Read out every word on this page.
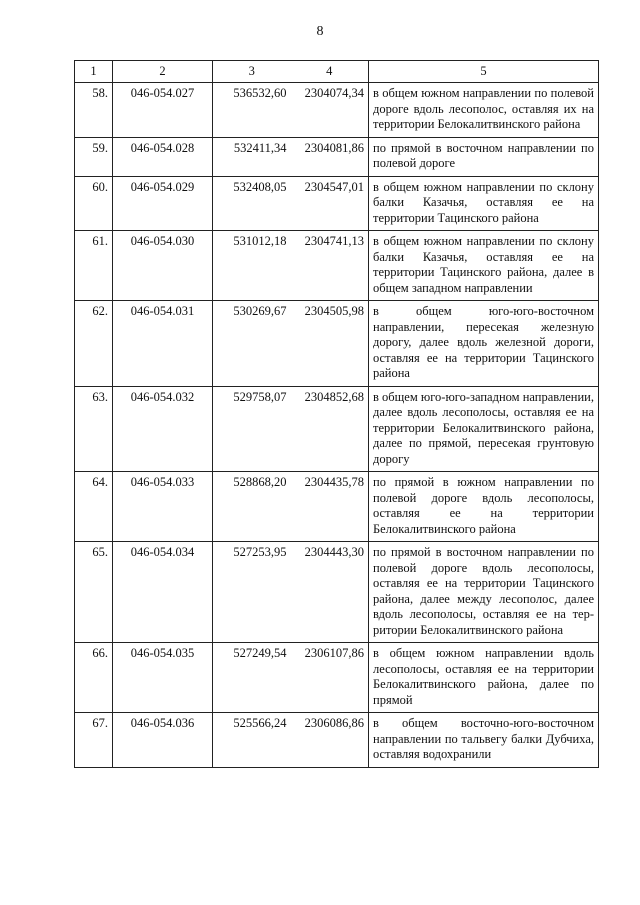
8
1	2	3	4	5
58.	046-054.027	536532,60	2304074,34	в общем южном направлении по полевой дороге вдоль лесополос, оставляя их на территории Белокалитвинского района
59.	046-054.028	532411,34	2304081,86	по прямой в восточном направлении по полевой дороге
60.	046-054.029	532408,05	2304547,01	в общем южном направлении по склону балки Казачья, оставляя ее на территории Тацинского района
61.	046-054.030	531012,18	2304741,13	в общем южном направлении по склону балки Казачья, оставляя ее на территории Тацинского района, далее в общем западном направлении
62.	046-054.031	530269,67	2304505,98	в общем юго-юго-восточном направлении, пересекая железную дорогу, далее вдоль железной дороги, оставляя ее на территории Тацинского района
63.	046-054.032	529758,07	2304852,68	в общем юго-юго-западном направлении, далее вдоль лесополосы, оставляя ее на территории Белокалитвинского района, далее по прямой, пересекая грунтовую дорогу
64.	046-054.033	528868,20	2304435,78	по прямой в южном направлении по полевой дороге вдоль лесополосы, оставляя ее на территории Белокалитвинского района
65.	046-054.034	527253,95	2304443,30	по прямой в восточном направлении по полевой дороге вдоль лесополосы, оставляя ее на территории Тацинского района, далее между лесополос, далее вдоль лесополосы, оставляя ее на территории Белокалитвинского района
66.	046-054.035	527249,54	2306107,86	в общем южном направлении вдоль лесополосы, оставляя ее на территории Белокалитвинского района, далее по прямой
67.	046-054.036	525566,24	2306086,86	в общем восточно-юго-восточном направлении по тальвегу балки Дубчиха, оставляя водохранили
